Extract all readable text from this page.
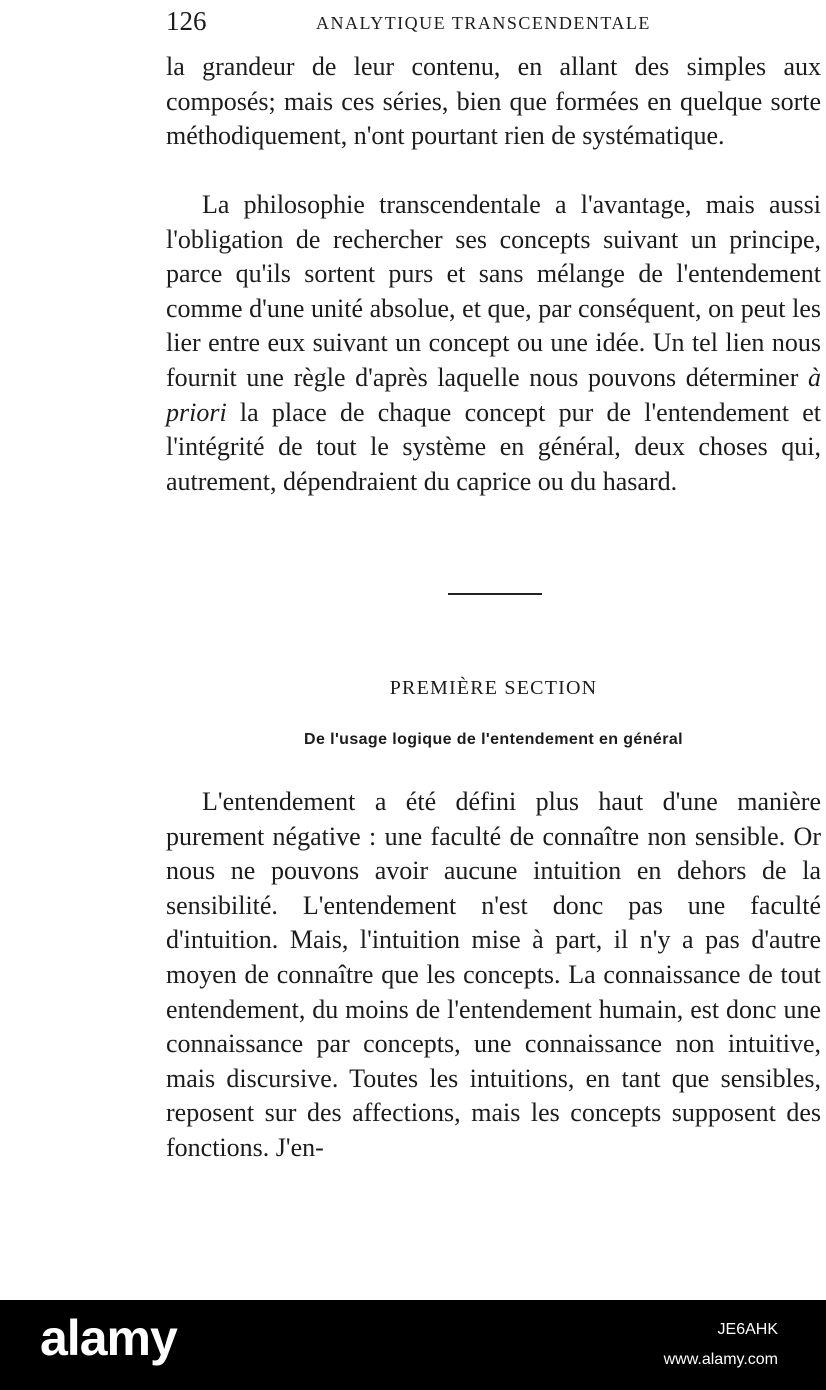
126	ANALYTIQUE TRANSCENDENTALE

la grandeur de leur contenu, en allant des simples aux composés; mais ces séries, bien que formées en quelque sorte méthodiquement, n'ont pourtant rien de systématique.

La philosophie transcendentale a l'avantage, mais aussi l'obligation de rechercher ses concepts suivant un principe, parce qu'ils sortent purs et sans mélange de l'entendement comme d'une unité absolue, et que, par conséquent, on peut les lier entre eux suivant un concept ou une idée. Un tel lien nous fournit une règle d'après laquelle nous pouvons déterminer à priori la place de chaque concept pur de l'entendement et l'intégrité de tout le système en général, deux choses qui, autrement, dépendraient du caprice ou du hasard.

PREMIÈRE SECTION
De l'usage logique de l'entendement en général

L'entendement a été défini plus haut d'une manière purement négative : une faculté de connaître non sensible. Or nous ne pouvons avoir aucune intuition en dehors de la sensibilité. L'entendement n'est donc pas une faculté d'intuition. Mais, l'intuition mise à part, il n'y a pas d'autre moyen de connaître que les concepts. La connaissance de tout entendement, du moins de l'entendement humain, est donc une connaissance par concepts, une connaissance non intuitive, mais discursive. Toutes les intuitions, en tant que sensibles, reposent sur des affections, mais les concepts supposent des fonctions. J'en-

alamy	JE6AHK
www.alamy.com
